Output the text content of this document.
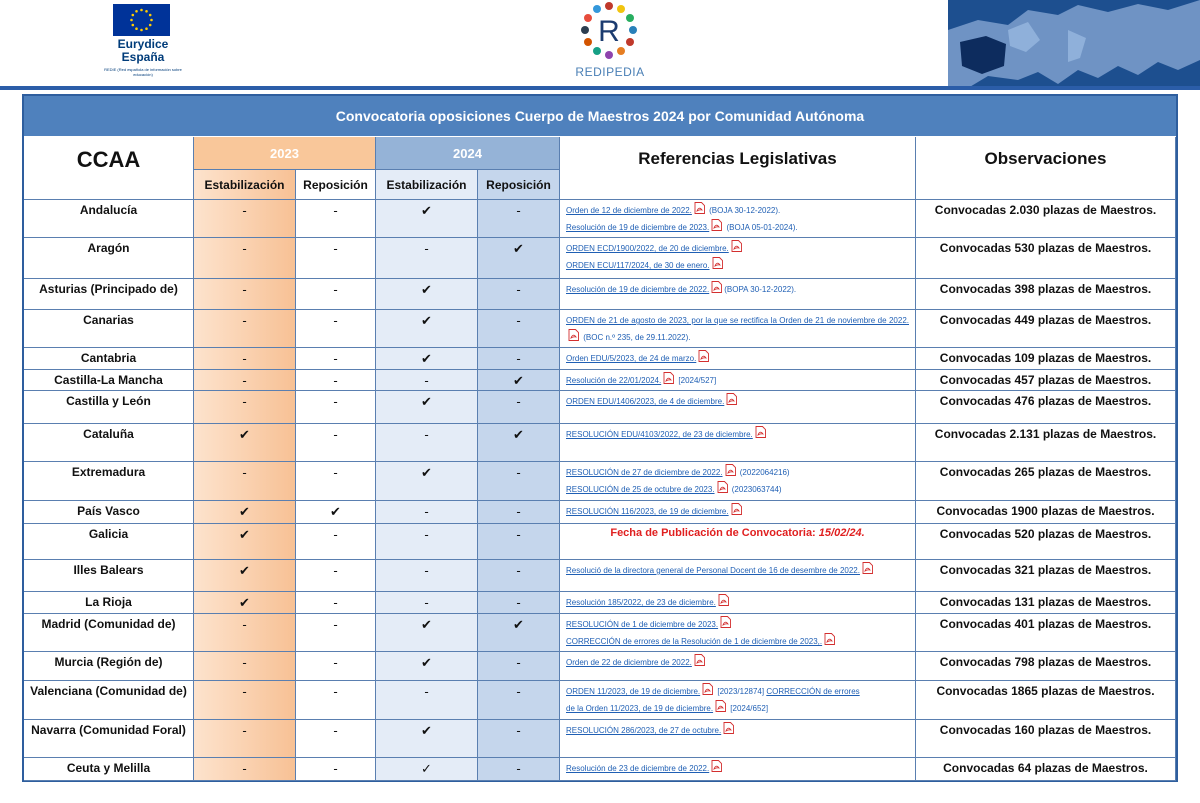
Eurydice
España
REDIE (Red española de información sobre educación)
R
REDIPEDIA
Convocatoria oposiciones Cuerpo de Maestros 2024 por Comunidad Autónoma
CCAA	2023	2024	Referencias Legislativas	Observaciones
Estabilización Reposición Estabilización Reposición
Andalucía	-	-	✔	-	Orden de 12 de diciembre de 2022. (BOJA 30-12-2022).
Resolución de 19 de diciembre de 2023. (BOJA 05-01-2024).
Convocadas 2.030 plazas de Maestros.
Aragón	-	-	-	✔	ORDEN ECD/1900/2022, de 20 de diciembre.
ORDEN ECU/117/2024, de 30 de enero.
Convocadas 530 plazas de Maestros.
Asturias (Principado de)	-	-	✔	-	Resolución de 19 de diciembre de 2022. (BOPA 30-12-2022).	Convocadas 398 plazas de Maestros.
Canarias	-	-	✔	-	ORDEN de 21 de agosto de 2023, por la que se rectifica la Orden de 21 de noviembre de 2022. (BOC n.º 235, de 29.11.2022).
Convocadas 449 plazas de Maestros.
Cantabria	-	-	✔	-	Orden EDU/5/2023, de 24 de marzo.	Convocadas 109 plazas de Maestros.
Castilla-La Mancha	-	-	-	✔	Resolución de 22/01/2024. [2024/527]	Convocadas 457 plazas de Maestros.
Castilla y León	-	-	✔	-	ORDEN EDU/1406/2023, de 4 de diciembre.	Convocadas 476 plazas de Maestros.
Cataluña	✔	-	-	✔	RESOLUCIÓN EDU/4103/2022, de 23 de diciembre.	Convocadas 2.131 plazas de Maestros.
Extremadura	-	-	✔	-	RESOLUCIÓN de 27 de diciembre de 2022. (2022064216)
RESOLUCIÓN de 25 de octubre de 2023. (2023063744)
Convocadas 265 plazas de Maestros.
País Vasco	✔	✔	-	-	RESOLUCIÓN 116/2023, de 19 de diciembre.	Convocadas 1900 plazas de Maestros.
Galicia	✔	-	-	-	Fecha de Publicación de Convocatoria: 15/02/24.	Convocadas 520 plazas de Maestros.
Illes Balears	✔	-	-	-	Resolució de la directora general de Personal Docent de 16 de desembre de 2022.	Convocadas 321 plazas de Maestros.
La Rioja	✔	-	-	-	Resolución 185/2022, de 23 de diciembre.	Convocadas 131 plazas de Maestros.
Madrid (Comunidad de)	-	-	✔	✔	RESOLUCIÓN de 1 de diciembre de 2023.
CORRECCIÓN de errores de la Resolución de 1 de diciembre de 2023,.
Convocadas 401 plazas de Maestros.
Murcia (Región de)	-	-	✔	-	Orden de 22 de diciembre de 2022.	Convocadas 798 plazas de Maestros.
Valenciana (Comunidad de)	-	-	-	-	ORDEN 11/2023, de 19 de diciembre. [2023/12874] CORRECCIÓN de errores
de la Orden 11/2023, de 19 de diciembre. [2024/652]
Convocadas 1865 plazas de Maestros.
Navarra (Comunidad Foral)	-	-	✔	-	RESOLUCIÓN 286/2023, de 27 de octubre.	Convocadas 160 plazas de Maestros.
Ceuta y Melilla	-	-	✓	-	Resolución de 23 de diciembre de 2022.	Convocadas 64 plazas de Maestros.
